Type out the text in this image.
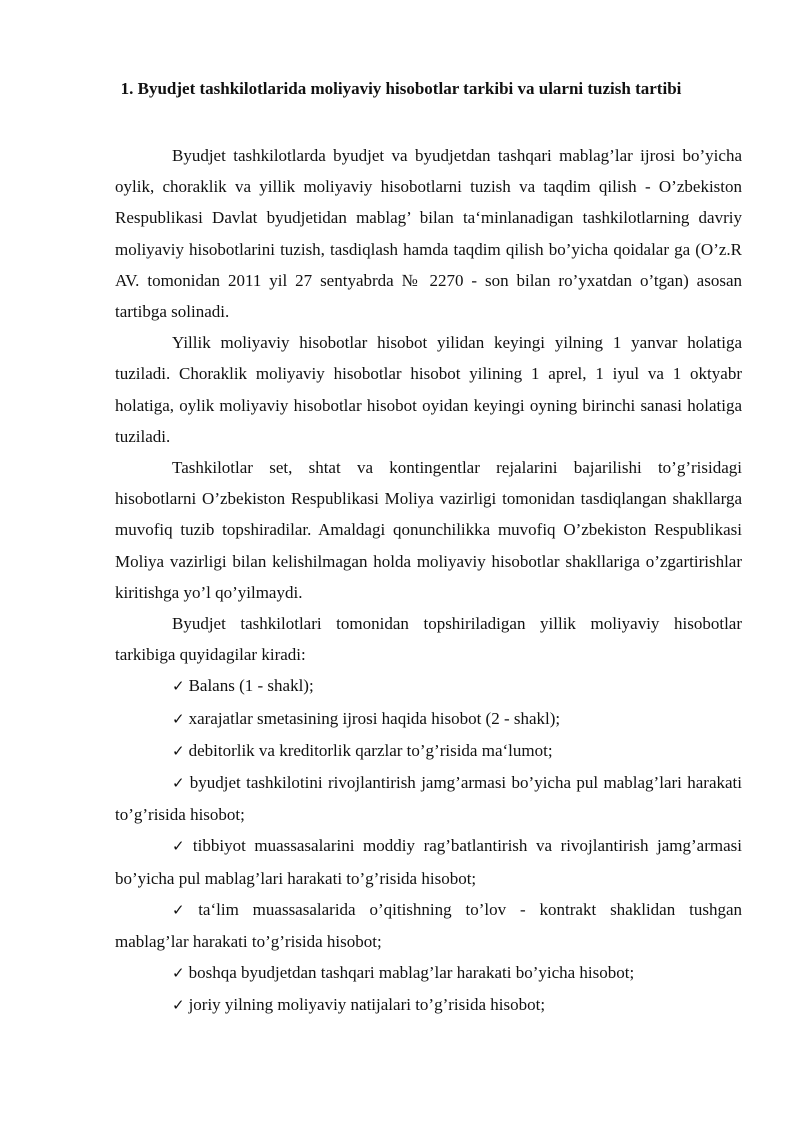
1. Byudjet tashkilotlarida moliyaviy hisobotlar tarkibi va ularni tuzish tartibi

Byudjet tashkilotlarda byudjet va byudjetdan tashqari mablag’lar ijrosi bo’yicha oylik, choraklik va yillik moliyaviy hisobotlarni tuzish va taqdim qilish - O’zbekiston Respublikasi Davlat byudjetidan mablag’ bilan ta‘minlanadigan tashkilotlarning davriy moliyaviy hisobotlarini tuzish, tasdiqlash hamda taqdim qilish bo’yicha qoidalar ga (O’z.R AV. tomonidan 2011 yil 27 sentyabrda № 2270 - son bilan ro’yxatdan o’tgan) asosan tartibga solinadi.

Yillik moliyaviy hisobotlar hisobot yilidan keyingi yilning 1 yanvar holatiga tuziladi. Choraklik moliyaviy hisobotlar hisobot yilining 1 aprel, 1 iyul va 1 oktyabr holatiga, oylik moliyaviy hisobotlar hisobot oyidan keyingi oyning birinchi sanasi holatiga tuziladi.

Tashkilotlar set, shtat va kontingentlar rejalarini bajarilishi to’g’risidagi hisobotlarni O’zbekiston Respublikasi Moliya vazirligi tomonidan tasdiqlangan shakllarga muvofiq tuzib topshiradilar. Amaldagi qonunchilikka muvofiq O’zbekiston Respublikasi Moliya vazirligi bilan kelishilmagan holda moliyaviy hisobotlar shakllariga o’zgartirishlar kiritishga yo’l qo’yilmaydi.

Byudjet tashkilotlari tomonidan topshiriladigan yillik moliyaviy hisobotlar tarkibiga quyidagilar kiradi:

✓ Balans (1 - shakl);

✓ xarajatlar smetasining ijrosi haqida hisobot (2 - shakl);

✓ debitorlik va kreditorlik qarzlar to’g’risida ma‘lumot;

✓ byudjet tashkilotini rivojlantirish jamg’armasi bo’yicha pul mablag’lari harakati to’g’risida hisobot;

✓ tibbiyot muassasalarini moddiy rag’batlantirish va rivojlantirish jamg’armasi bo’yicha pul mablag’lari harakati to’g’risida hisobot;

✓ ta‘lim muassasalarida o’qitishning to’lov - kontrakt shaklidan tushgan mablag’lar harakati to’g’risida hisobot;

✓ boshqa byudjetdan tashqari mablag’lar harakati bo’yicha hisobot;

✓ joriy yilning moliyaviy natijalari to’g’risida hisobot;
